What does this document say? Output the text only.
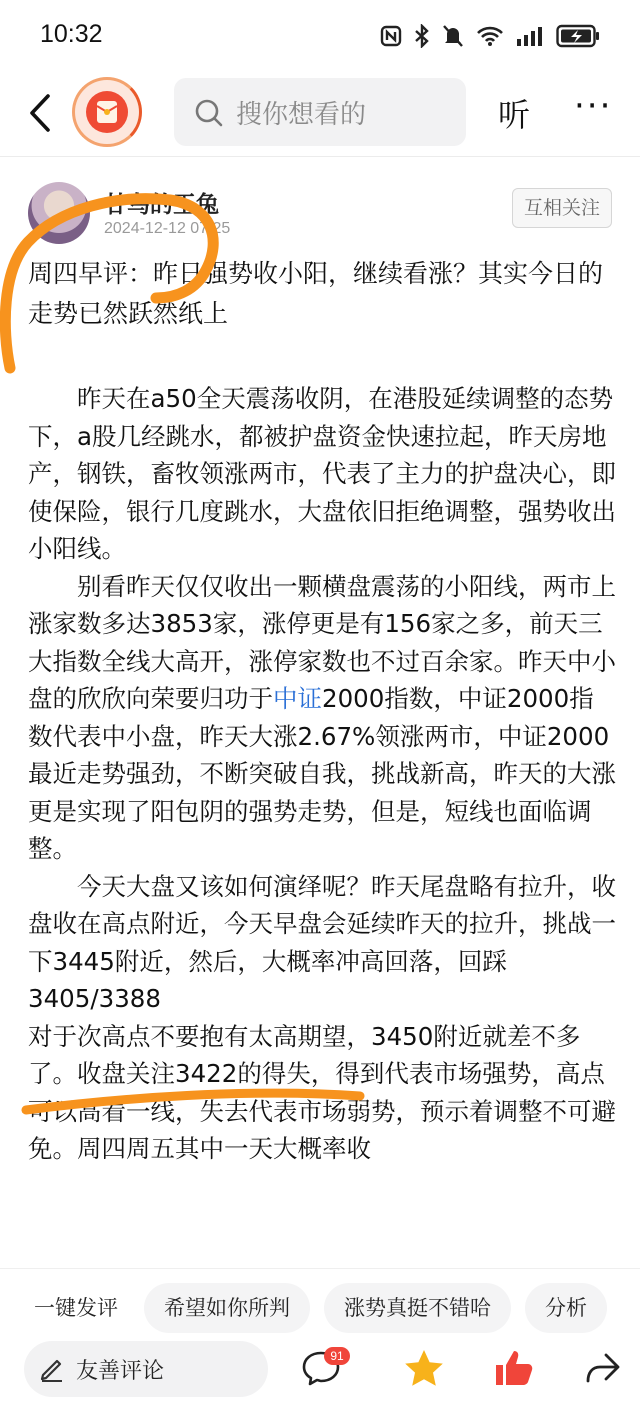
10:32
搜你想看的	听 ···
甘鸟的玉兔
2024-12-12 07:25
互相关注
周四早评：昨日强势收小阳，继续看涨？其实今日的走势已然跃然纸上

昨天在a50全天震荡收阴，在港股延续调整的态势下，a股几经跳水，都被护盘资金快速拉起，昨天房地产，钢铁，畜牧领涨两市，代表了主力的护盘决心，即使保险，银行几度跳水，大盘依旧拒绝调整，强势收出小阳线。

别看昨天仅仅收出一颗横盘震荡的小阳线，两市上涨家数多达3853家，涨停更是有156家之多，前天三大指数全线大高开，涨停家数也不过百余家。昨天中小盘的欣欣向荣要归功于中证2000指数，中证2000指数代表中小盘，昨天大涨2.67%领涨两市，中证2000最近走势强劲，不断突破自我，挑战新高，昨天的大涨更是实现了阳包阴的强势走势，但是，短线也面临调整。

今天大盘又该如何演绎呢？昨天尾盘略有拉升，收盘收在高点附近，今天早盘会延续昨天的拉升，挑战一下3445附近，然后，大概率冲高回落，回踩3405/3388

对于次高点不要抱有太高期望，3450附近就差不多了。收盘关注3422的得失，得到代表市场强势，高点可以高看一线，失去代表市场弱势，预示着调整不可避免。周四周五其中一天大概率收

一键发评	希望如你所判	涨势真挺不错哈	分析
友善评论
91
